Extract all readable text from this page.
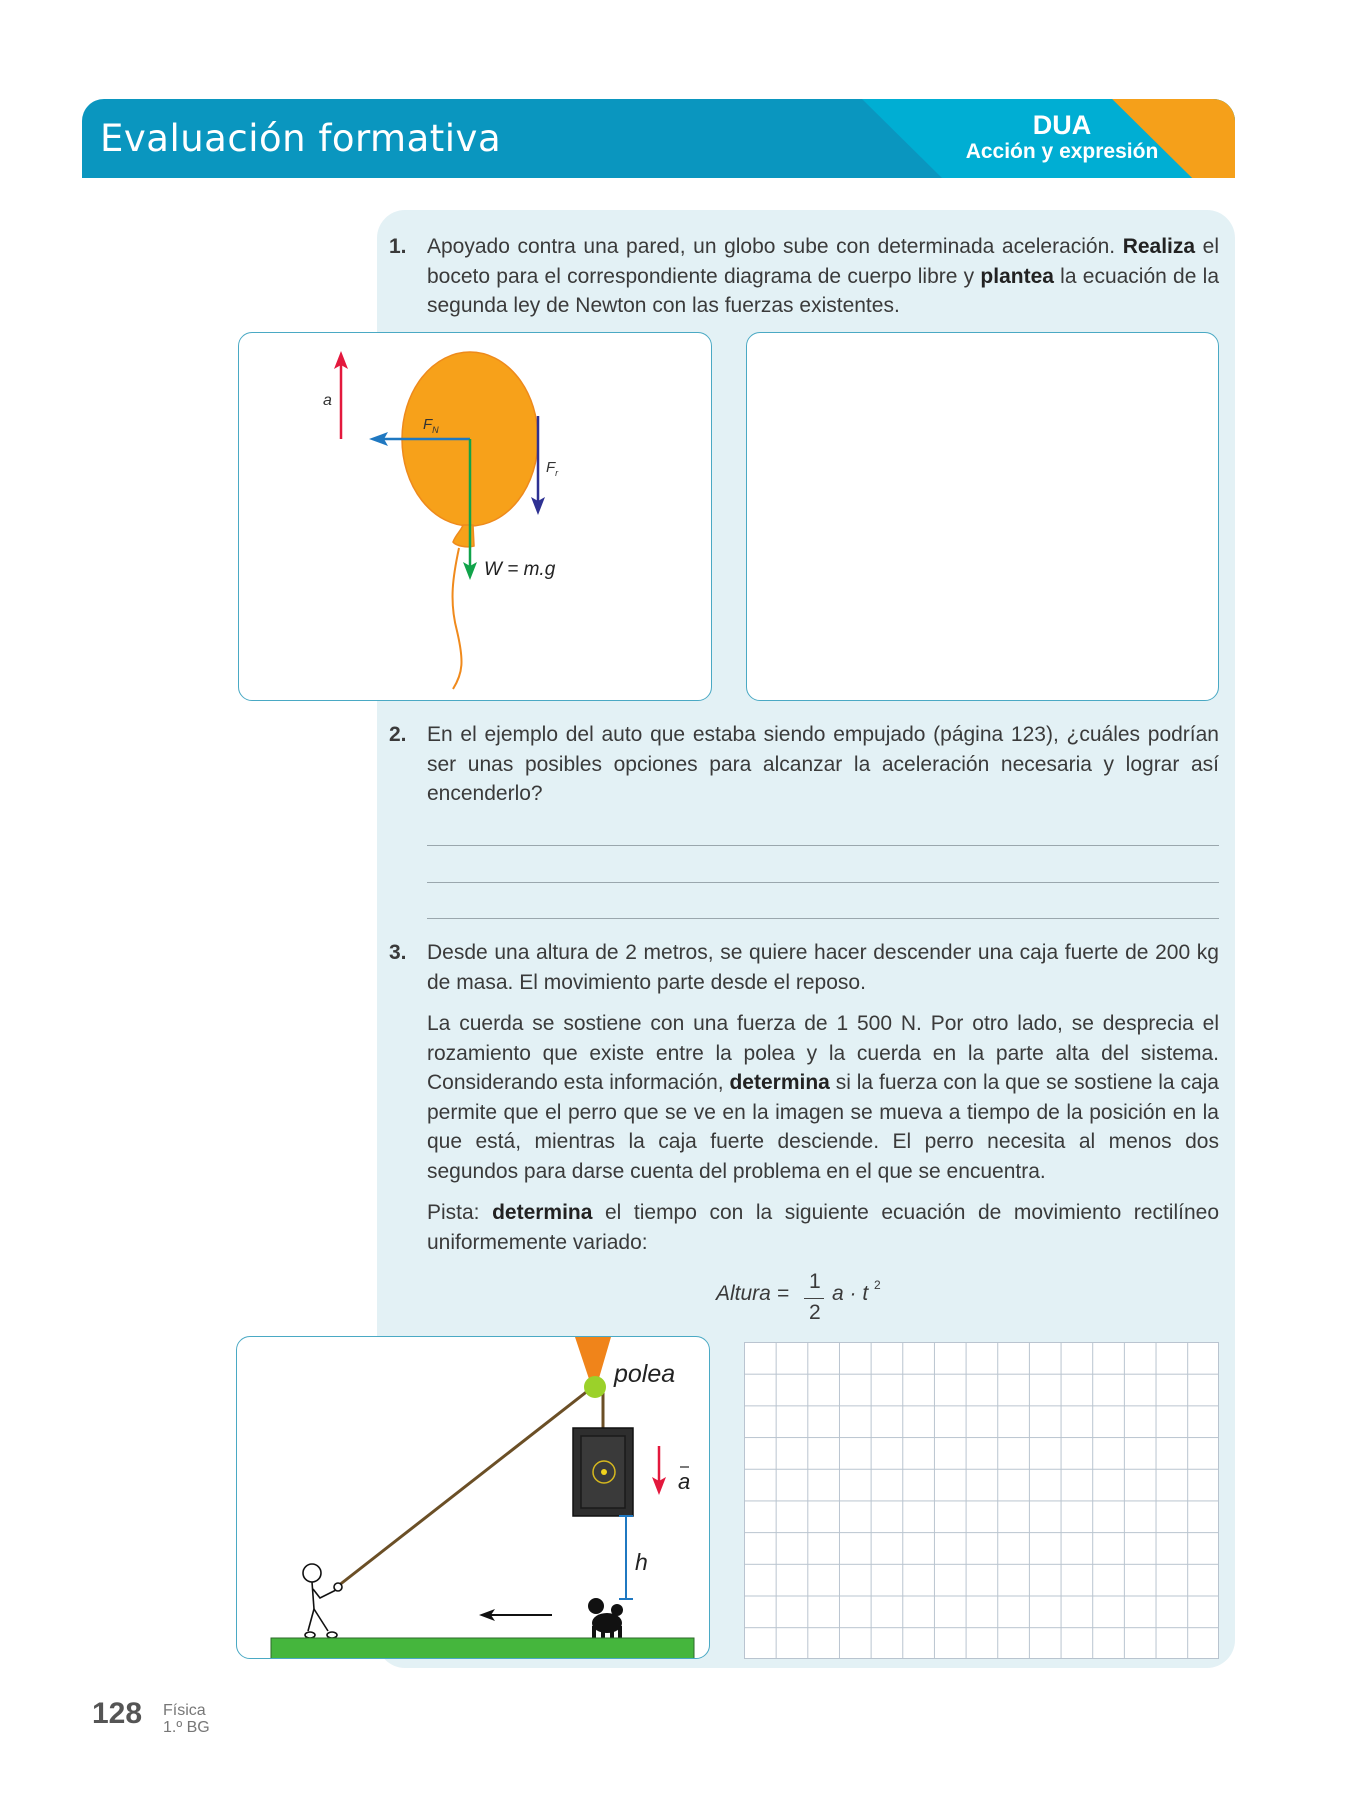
Evaluación formativa	DUA
Acción y expresión
1. Apoyado contra una pared, un globo sube con determinada aceleración. Realiza el boceto para el correspondiente diagrama de cuerpo libre y plantea la ecuación de la segunda ley de Newton con las fuerzas existentes.
a
$F_N$
W = m.g
$F_r$
2. En el ejemplo del auto que estaba siendo empujado (página 123), ¿cuáles podrían ser unas posibles opciones para alcanzar la aceleración necesaria y lograr así encenderlo?
3. Desde una altura de 2 metros, se quiere hacer descender una caja fuerte de 200 kg de masa. El movimiento parte desde el reposo.

La cuerda se sostiene con una fuerza de 1 500 N. Por otro lado, se desprecia el rozamiento que existe entre la polea y la cuerda en la parte alta del sistema. Considerando esta información, determina si la fuerza con la que se sostiene la caja permite que el perro que se ve en la imagen se mueva a tiempo de la posición en la que está, mientras la caja fuerte desciende. El perro necesita al menos dos segundos para darse cuenta del problema en el que se encuentra.

Pista: determina el tiempo con la siguiente ecuación de movimiento rectilíneo uniformemente variado:

Altura =
1
2
a · t 2
polea
a
h
128 Física
1.º BG
